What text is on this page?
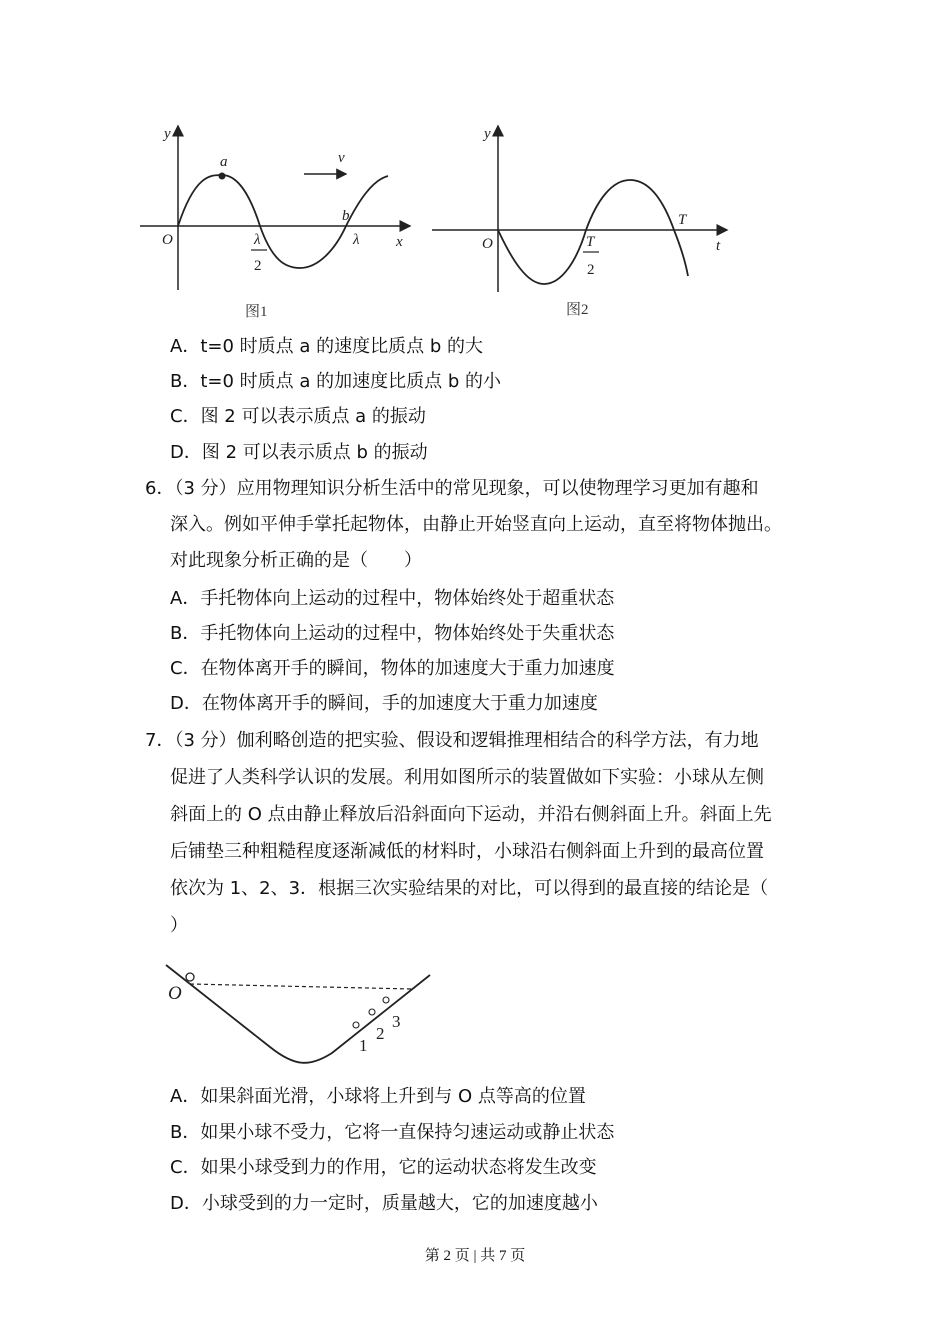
y
O	x
a
b
v
λ
λ
2
图1
y
O	t
T
T
2
图2
A．t=0 时质点 a 的速度比质点 b 的大
B．t=0 时质点 a 的加速度比质点 b 的小
C．图 2 可以表示质点 a 的振动
D．图 2 可以表示质点 b 的振动
6．（3 分）应用物理知识分析生活中的常见现象，可以使物理学习更加有趣和
深入。例如平伸手掌托起物体，由静止开始竖直向上运动，直至将物体抛出。
对此现象分析正确的是（　　）
A．手托物体向上运动的过程中，物体始终处于超重状态
B．手托物体向上运动的过程中，物体始终处于失重状态
C．在物体离开手的瞬间，物体的加速度大于重力加速度
D．在物体离开手的瞬间，手的加速度大于重力加速度
7．（3 分）伽利略创造的把实验、假设和逻辑推理相结合的科学方法，有力地
促进了人类科学认识的发展。利用如图所示的装置做如下实验：小球从左侧
斜面上的 O 点由静止释放后沿斜面向下运动，并沿右侧斜面上升。斜面上先
后铺垫三种粗糙程度逐渐减低的材料时，小球沿右侧斜面上升到的最高位置
依次为 1、2、3．根据三次实验结果的对比，可以得到的最直接的结论是（
）
O
1
2
3
A．如果斜面光滑，小球将上升到与 O 点等高的位置
B．如果小球不受力，它将一直保持匀速运动或静止状态
C．如果小球受到力的作用，它的运动状态将发生改变
D．小球受到的力一定时，质量越大，它的加速度越小
第 2 页 | 共 7 页
